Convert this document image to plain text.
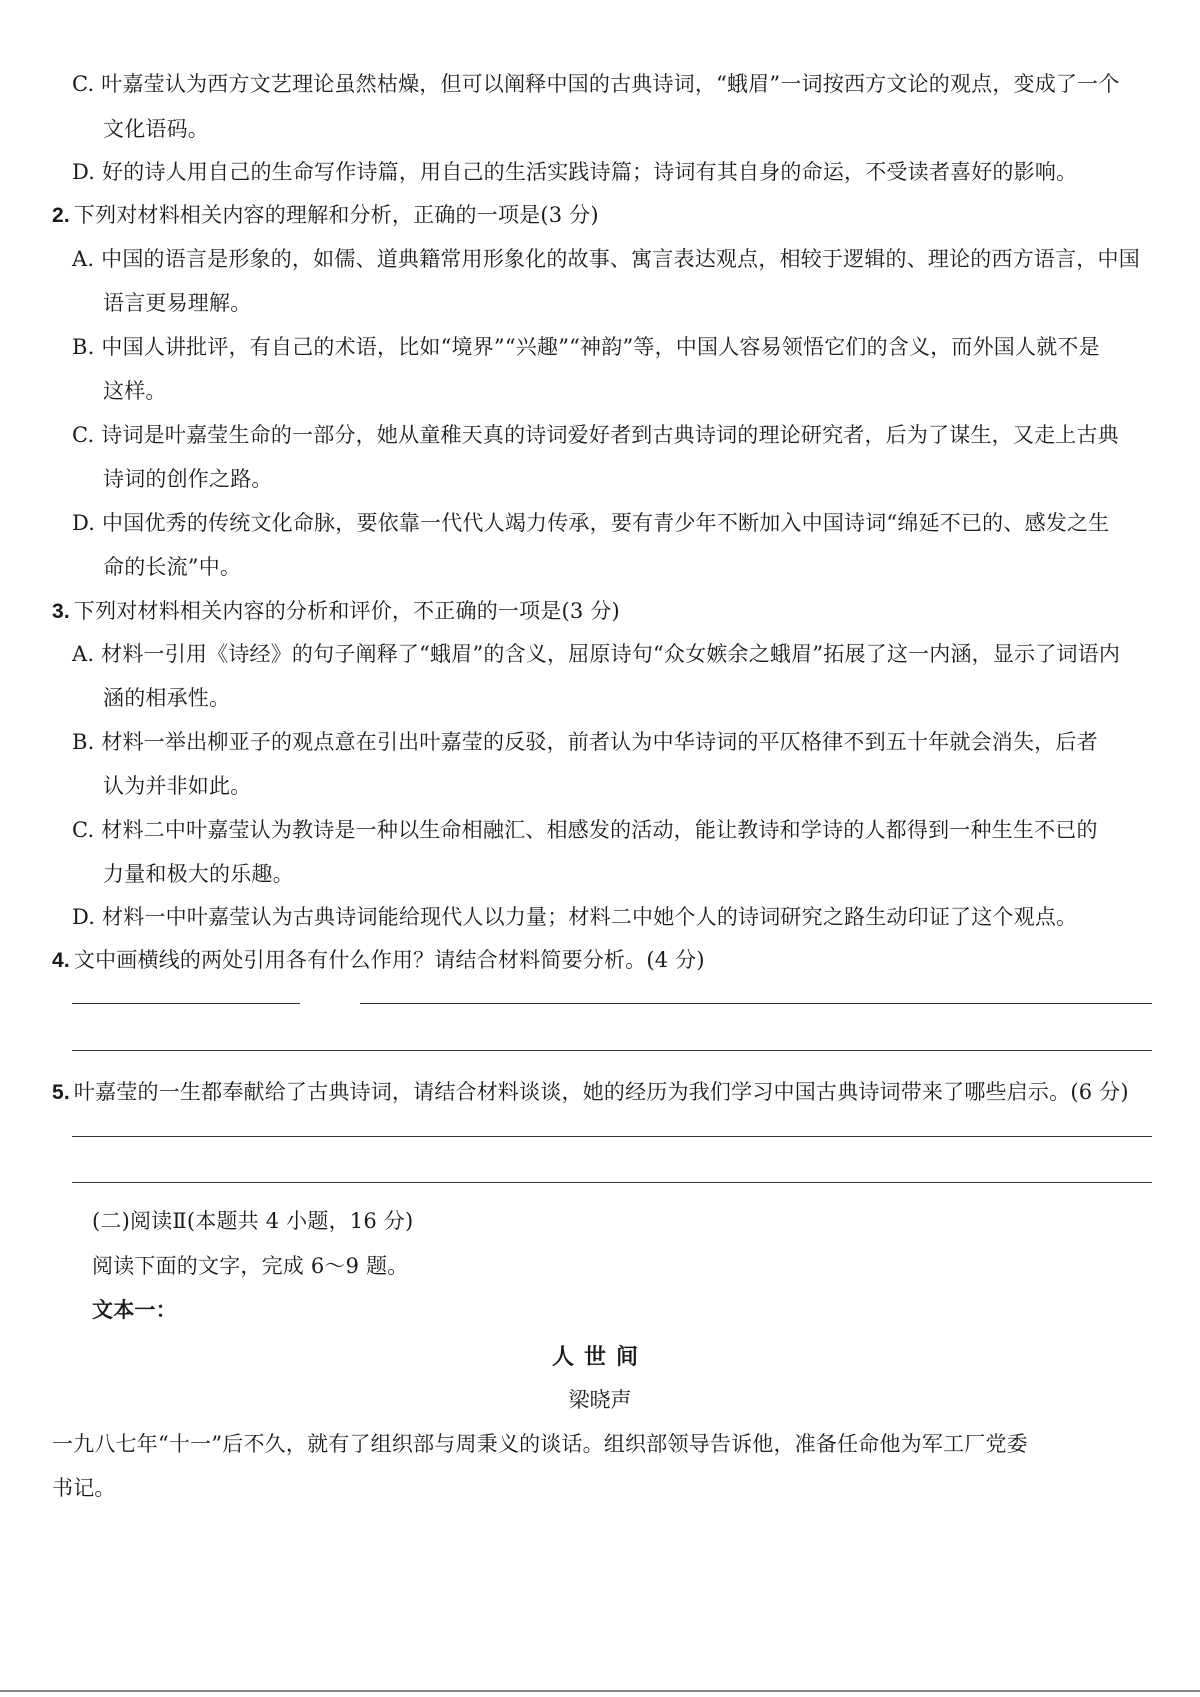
C. 叶嘉莹认为西方文艺理论虽然枯燥，但可以阐释中国的古典诗词，“蛾眉”一词按西方文论的观点，变成了一个
文化语码。
D. 好的诗人用自己的生命写作诗篇，用自己的生活实践诗篇；诗词有其自身的命运，不受读者喜好的影响。
2. 下列对材料相关内容的理解和分析，正确的一项是(3 分)
A. 中国的语言是形象的，如儒、道典籍常用形象化的故事、寓言表达观点，相较于逻辑的、理论的西方语言，中国
语言更易理解。
B. 中国人讲批评，有自己的术语，比如“境界”“兴趣”“神韵”等，中国人容易领悟它们的含义，而外国人就不是
这样。
C. 诗词是叶嘉莹生命的一部分，她从童稚天真的诗词爱好者到古典诗词的理论研究者，后为了谋生，又走上古典
诗词的创作之路。
D. 中国优秀的传统文化命脉，要依靠一代代人竭力传承，要有青少年不断加入中国诗词“绵延不已的、感发之生
命的长流”中。
3. 下列对材料相关内容的分析和评价，不正确的一项是(3 分)
A. 材料一引用《诗经》的句子阐释了“蛾眉”的含义，屈原诗句“众女嫉余之蛾眉”拓展了这一内涵，显示了词语内
涵的相承性。
B. 材料一举出柳亚子的观点意在引出叶嘉莹的反驳，前者认为中华诗词的平仄格律不到五十年就会消失，后者
认为并非如此。
C. 材料二中叶嘉莹认为教诗是一种以生命相融汇、相感发的活动，能让教诗和学诗的人都得到一种生生不已的
力量和极大的乐趣。
D. 材料一中叶嘉莹认为古典诗词能给现代人以力量；材料二中她个人的诗词研究之路生动印证了这个观点。
4. 文中画横线的两处引用各有什么作用？请结合材料简要分析。(4 分)
5. 叶嘉莹的一生都奉献给了古典诗词，请结合材料谈谈，她的经历为我们学习中国古典诗词带来了哪些启示。(6 分)
(二)阅读Ⅱ(本题共 4 小题，16 分)
阅读下面的文字，完成 6～9 题。
文本一：
人世间
梁晓声
一九八七年“十一”后不久，就有了组织部与周秉义的谈话。组织部领导告诉他，准备任命他为军工厂党委
书记。
